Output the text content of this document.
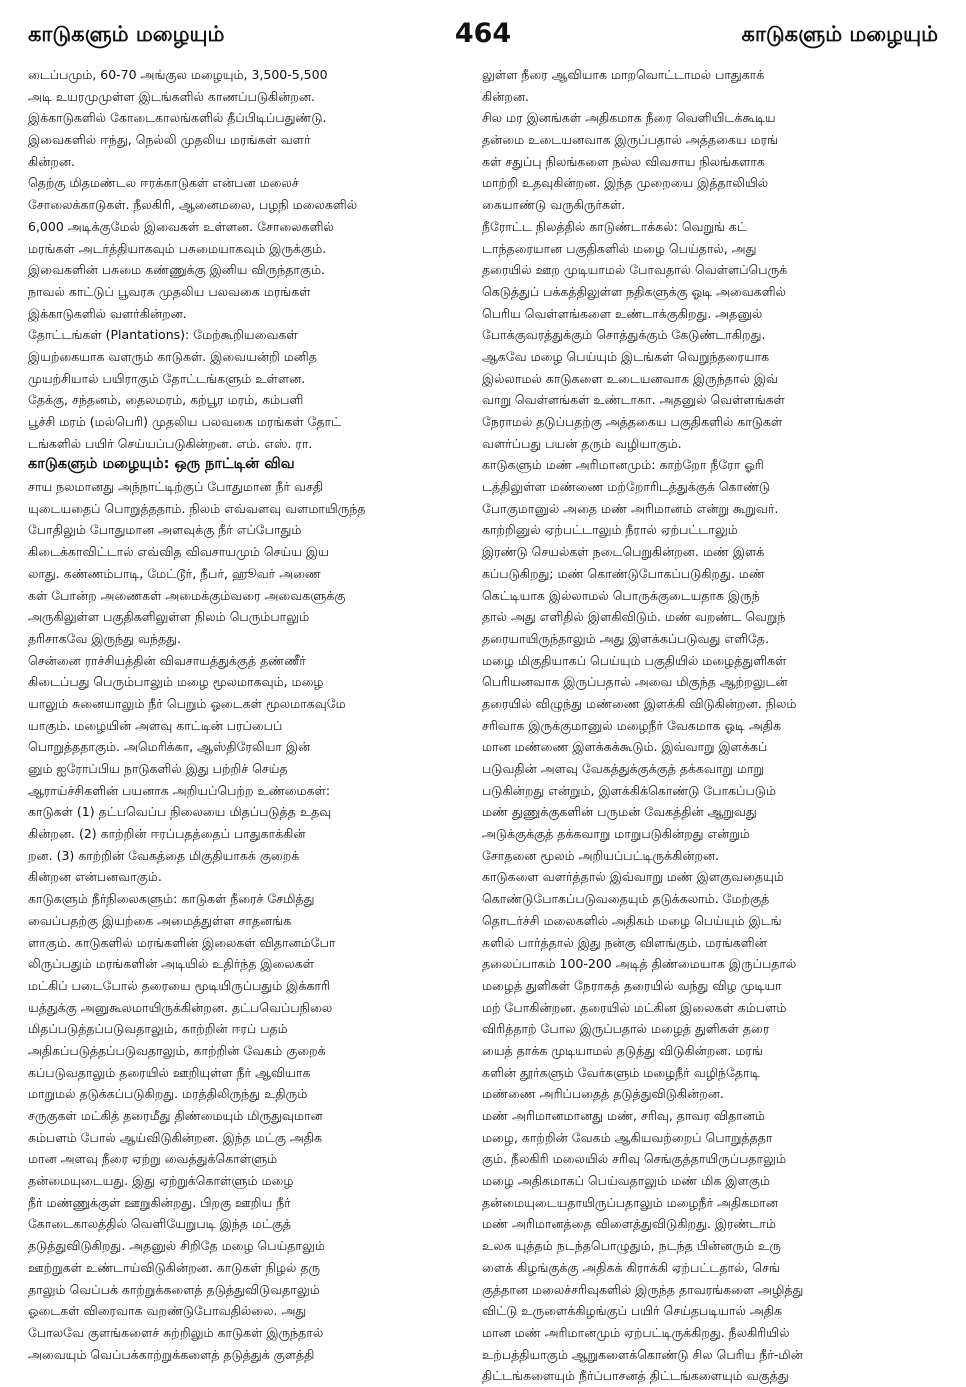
காடுகளும் மழையும்	464	காடுகளும் மழையும்
டைப்பமும், 60-70 அங்குல மழையும், 3,500-5,500
அடி உயரமுமுள்ள இடங்களில் காணப்படுகின்றன.
இக்காடுகளில் கோடைகாலங்களில் தீப்பிடிப்பதுண்டு.
இவைகளில் ஈந்து, நெல்லி முதலிய மரங்கள் வளர்
கின்றன.
தெற்கு மிதமண்டல ஈரக்காடுகள் என்பன மலைச்
சோலைக்காடுகள். நீலகிரி, ஆனைமலை, பழநி மலைகளில்
6,000 அடிக்குமேல் இவைகள் உள்ளன. சோலைகளில்
மரங்கள் அடர்த்தியாகவும் பசுமையாகவும் இருக்கும்.
இவைகளின் பசுமை கண்ணுக்கு இனிய விருந்தாகும்.
நாவல் காட்டுப் பூவரசு முதலிய பலவகை மரங்கள்
இக்காடுகளில் வளர்கின்றன.
தோட்டங்கள் (Plantations): மேற்கூறியவைகள்
இயற்கையாக வளரும் காடுகள். இவையன்றி மனித
முயற்சியால் பயிராகும் தோட்டங்களும் உள்ளன.
தேக்கு, சந்தனம், தைலமரம், கற்பூர மரம், கம்பளி
பூச்சி மரம் (மல்பெரி) முதலிய பலவகை மரங்கள் தோட்
டங்களில் பயிர் செய்யப்படுகின்றன. எம். எஸ். ரா.
காடுகளும் மழையும்: ஒரு நாட்டின் விவ
சாய நலமானது அந்நாட்டிற்குப் போதுமான நீர் வசதி
யுடையதைப் பொறுத்ததாம். நிலம் எவ்வளவு வளமாயிருந்த
போதிலும் போதுமான அளவுக்கு நீர் எப்போதும்
கிடைக்காவிட்டால் எவ்வித விவசாயமும் செய்ய இய
லாது. கண்ணம்பாடி, மேட்டூர், நீபர், ஹூவர் அணை
கள் போன்ற அணைகள் அமைக்கும்வரை அவைகளுக்கு
அருகிலுள்ள பகுதிகளிலுள்ள நிலம் பெரும்பாலும்
தரிசாகவே இருந்து வந்தது.
சென்னை ராச்சியத்தின் விவசாயத்துக்குத் தண்ணீர்
கிடைப்பது பெரும்பாலும் மழை மூலமாகவும், மழை
யாலும் சுனையாலும் நீர் பெறும் ஓடைகள் மூலமாகவுமே
யாகும். மழையின் அளவு காட்டின் பரப்பைப்
பொறுத்ததாகும். அமெரிக்கா, ஆஸ்திரேலியா இன்
னும் ஐரோப்பிய நாடுகளில் இது பற்றிச் செய்த
ஆராய்ச்சிகளின் பயனாக அறியப்பெற்ற உண்மைகள்:
காடுகள் (1) தட்பவெப்ப நிலையை மிதப்படுத்த உதவு
கின்றன. (2) காற்றின் ஈரப்பதத்தைப் பாதுகாக்கின்
றன. (3) காற்றின் வேகத்தை மிகுதியாகக் குறைக்
கின்றன என்பனவாகும்.
காடுகளும் நீர்நிலைகளும்: காடுகள் நீரைச் சேமித்து
வைப்பதற்கு இயற்கை அமைத்துள்ள சாதனங்க
ளாகும். காடுகளில் மரங்களின் இலைகள் விதானம்போ
லிருப்பதும் மரங்களின் அடியில் உதிர்ந்த இலைகள்
மட்கிப் படைபோல் தரையை மூடியிருப்பதும் இக்காரி
யத்துக்கு அனுகூலமாயிருக்கின்றன. தட்பவெப்பநிலை
மிதப்படுத்தப்படுவதாலும், காற்றின் ஈரப் பதம்
அதிகப்படுத்தப்படுவதாலும், காற்றின் வேகம் குறைக்
கப்படுவதாலும் தரையில் ஊறியுள்ள நீர் ஆவியாக
மாறுமல் தடுக்கப்படுகிறது. மரத்திலிருந்து உதிரும்
சருகுகள் மட்கித் தரைமீது திண்மையும் மிருதுவுமான
கம்பளம் போல் ஆய்விடுகின்றன. இந்த மட்கு அதிக
மான அளவு நீரை ஏற்று வைத்துக்கொள்ளும்
தன்மையுடையது. இது ஏற்றுக்கொள்ளும் மழை
நீர் மண்ணுக்குள் ஊறுகின்றது. பிறகு ஊறிய நீர்
கோடைகாலத்தில் வெளியேறுபடி இந்த மட்குத்
தடுத்துவிடுகிறது. அதனுல் சிறிதே மழை பெய்தாலும்
ஊற்றுகள் உண்டாய்விடுகின்றன. காடுகள் நிழல் தரு
தாலும் வெப்பக் காற்றுக்களைத் தடுத்துவிடுவதாலும்
ஓடைகள் விரைவாக வறண்டுபோவதில்லை. அது
போலவே குளங்களைச் சுற்றிலும் காடுகள் இருந்தால்
அவையும் வெப்பக்காற்றுக்களைத் தடுத்துக் குளத்தி
லுள்ள நீரை ஆவியாக மாறவொட்டாமல் பாதுகாக்
கின்றன.
சில மர இனங்கள் அதிகமாக நீரை வெளியிடக்கூடிய
தன்மை உடையனவாக இருப்பதால் அத்தகைய மரங்
கள் சதுப்பு நிலங்களை நல்ல விவசாய நிலங்களாக
மாற்றி உதவுகின்றன. இந்த முறையை இத்தாலியில்
கையாண்டு வருகிருர்கள்.
நீரோட்ட நிலத்தில் காடுண்டாக்கல்: வெறுங் கட்
டாந்தரையான பகுதிகளில் மழை பெய்தால், அது
தரையில் ஊற முடியாமல் போவதால் வெள்ளப்பெருக்
கெடுத்துப் பக்கத்திலுள்ள நதிகளுக்கு ஓடி அவைகளில்
பெரிய வெள்ளங்களை உண்டாக்குகிறது. அதனுல்
போக்குவரத்துக்கும் சொத்துக்கும் கேடுண்டாகிறது.
ஆகவே மழை பெய்யும் இடங்கள் வெறுந்தரையாக
இல்லாமல் காடுகளை உடையனவாக இருந்தால் இவ்
வாறு வெள்ளங்கள் உண்டாகா. அதனுல் வெள்ளங்கள்
நேராமல் தடுப்பதற்கு அத்தகைய பகுதிகளில் காடுகள்
வளர்ப்பது பயன் தரும் வழியாகும்.
காடுகளும் மண் அரிமானமும்: காற்றோ நீரோ ஓரி
டத்திலுள்ள மண்ணை மற்றோரிடத்துக்குக் கொண்டு
போகுமானுல் அதை மண் அரிமானம் என்று கூறுவர்.
காற்றினுல் ஏற்பட்டாலும் நீரால் ஏற்பட்டாலும்
இரண்டு செயல்கள் நடைபெறுகின்றன. மண் இளக்
கப்படுகிறது; மண் கொண்டுபோகப்படுகிறது. மண்
கெட்டியாக இல்லாமல் பொருக்குடையதாக இருந்
தால் அது எளிதில் இளகிவிடும். மண் வறண்ட வெறுந்
தரையாயிருந்தாலும் அது இளக்கப்படுவது எளிதே.
மழை மிகுதியாகப் பெய்யும் பகுதியில் மழைத்துளிகள்
பெரியனவாக இருப்பதால் அவை மிகுந்த ஆற்றலுடன்
தரையில் விழுந்து மண்ணை இளக்கி விடுகின்றன. நிலம்
சரிவாக இருக்குமானுல் மழைநீர் வேகமாக ஓடி அதிக
மான மண்ணை இளக்கக்கூடும். இவ்வாறு இளக்கப்
படுவதின் அளவு வேகத்துக்குக்குத் தக்கவாறு மாறு
படுகின்றது என்றும், இளக்கிக்கொண்டு போகப்படும்
மண் துணுக்குகளின் பருமன் வேகத்தின் ஆறுவது
அடுக்குக்குத் தக்கவாறு மாறுபடுகின்றது என்றும்
சோதனை மூலம் அறியப்பட்டிருக்கின்றன.
காடுகளை வளர்த்தால் இவ்வாறு மண் இளகுவதையும்
கொண்டுபோகப்படுவதையும் தடுக்கலாம். மேற்குத்
தொடர்ச்சி மலைகளில் அதிகம் மழை பெய்யும் இடங்
களில் பார்த்தால் இது நன்கு விளங்கும். மரங்களின்
தலைப்பாகம் 100-200 அடித் திண்மையாக இருப்பதால்
மழைத் துளிகள் நேராகத் தரையில் வந்து விழ முடியா
மற் போகின்றன. தரையில் மட்கின இலைகள் கம்பளம்
விரித்தாற் போல இருப்பதால் மழைத் துளிகள் தரை
யைத் தாக்க முடியாமல் தடுத்து விடுகின்றன. மரங்
களின் தூர்களும் வேர்களும் மழைநீர் வழிந்தோடி
மண்ணை அரிப்பதைத் தடுத்துவிடுகின்றன.
மண் அரிமானமானது மண், சரிவு, தாவர விதானம்
மழை, காற்றின் வேகம் ஆகியவற்றைப் பொறுத்ததா
கும். நீலகிரி மலையில் சரிவு செங்குத்தாயிருப்பதாலும்
மழை அதிகமாகப் பெய்வதாலும் மண் மிக இளகும்
தன்மையுடையதாயிருப்பதாலும் மழைநீர் அதிகமான
மண் அரிமானத்தை விளைத்துவிடுகிறது. இரண்டாம்
உலக யுத்தம் நடந்தபொழுதும், நடந்த பின்னரும் உரு
ளைக் கிழங்குக்கு அதிகக் கிராக்கி ஏற்பட்டதால், செங்
குத்தான மலைச்சரிவுகளில் இருந்த தாவரங்களை அழித்து
விட்டு உருளைக்கிழங்குப் பயிர் செய்தபடியால் அதிக
மான மண் அரிமானமும் ஏற்பட்டிருக்கிறது. நீலகிரியில்
உற்பத்தியாகும் ஆறுகளைக்கொண்டு சில பெரிய நீர்-மின்
திட்டங்களையும் நீர்ப்பாசனத் திட்டங்களையும் வகுத்து
